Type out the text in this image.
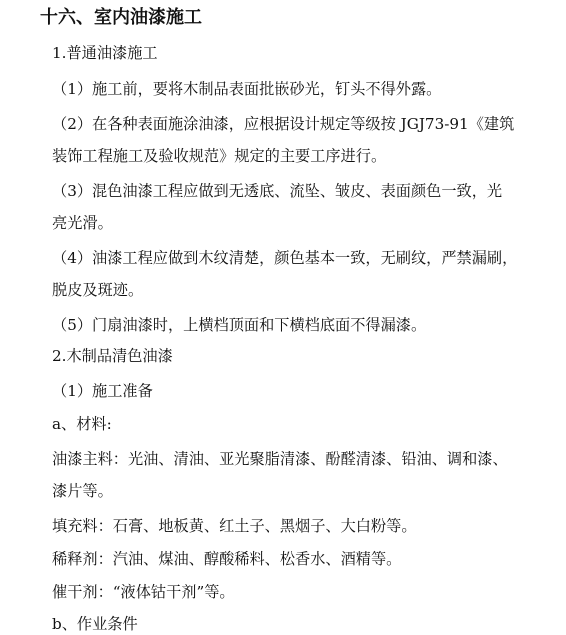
十六、室内油漆施工
1.普通油漆施工
（1）施工前，要将木制品表面批嵌砂光，钉头不得外露。
（2）在各种表面施涂油漆，应根据设计规定等级按 JGJ73-91《建筑
装饰工程施工及验收规范》规定的主要工序进行。
（3）混色油漆工程应做到无透底、流坠、皱皮、表面颜色一致，光
亮光滑。
（4）油漆工程应做到木纹清楚，颜色基本一致，无刷纹，严禁漏刷，
脱皮及斑迹。
（5）门扇油漆时，上横档顶面和下横档底面不得漏漆。
2.木制品清色油漆
（1）施工准备
a、材料:
油漆主料：光油、清油、亚光聚脂清漆、酚醛清漆、铅油、调和漆、
漆片等。
填充料：石膏、地板黄、红土子、黑烟子、大白粉等。
稀释剂：汽油、煤油、醇酸稀料、松香水、酒精等。
催干剂：“液体钴干剂”等。
b、作业条件
